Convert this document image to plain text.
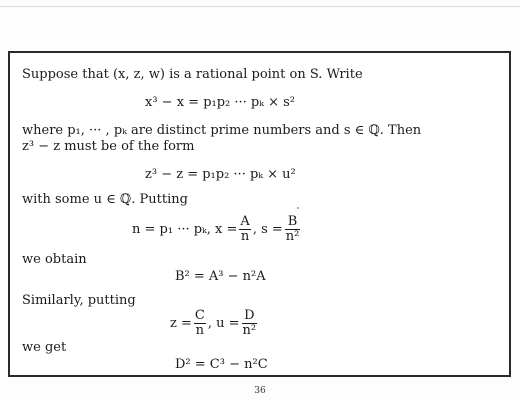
Suppose that (x, z, w) is a rational point on S. Write
x³ − x = p₁p₂ ··· pₖ × s²
where p₁, ··· , pₖ are distinct prime numbers and s ∈ ℚ. Then
z³ − z must be of the form
z³ − z = p₁p₂ ··· pₖ × u²
with some u ∈ ℚ. Putting
n = p₁ ··· pₖ, $x = \frac{A}{n}$ , $s = \frac{B}{\text{n²}}$
we obtain
B² = A³ − n²A
Similarly, putting
$z = \frac{C}{n}$ , $u = \frac{D}{\text{n²}}$
we get
D² = C³ − n²C
36
